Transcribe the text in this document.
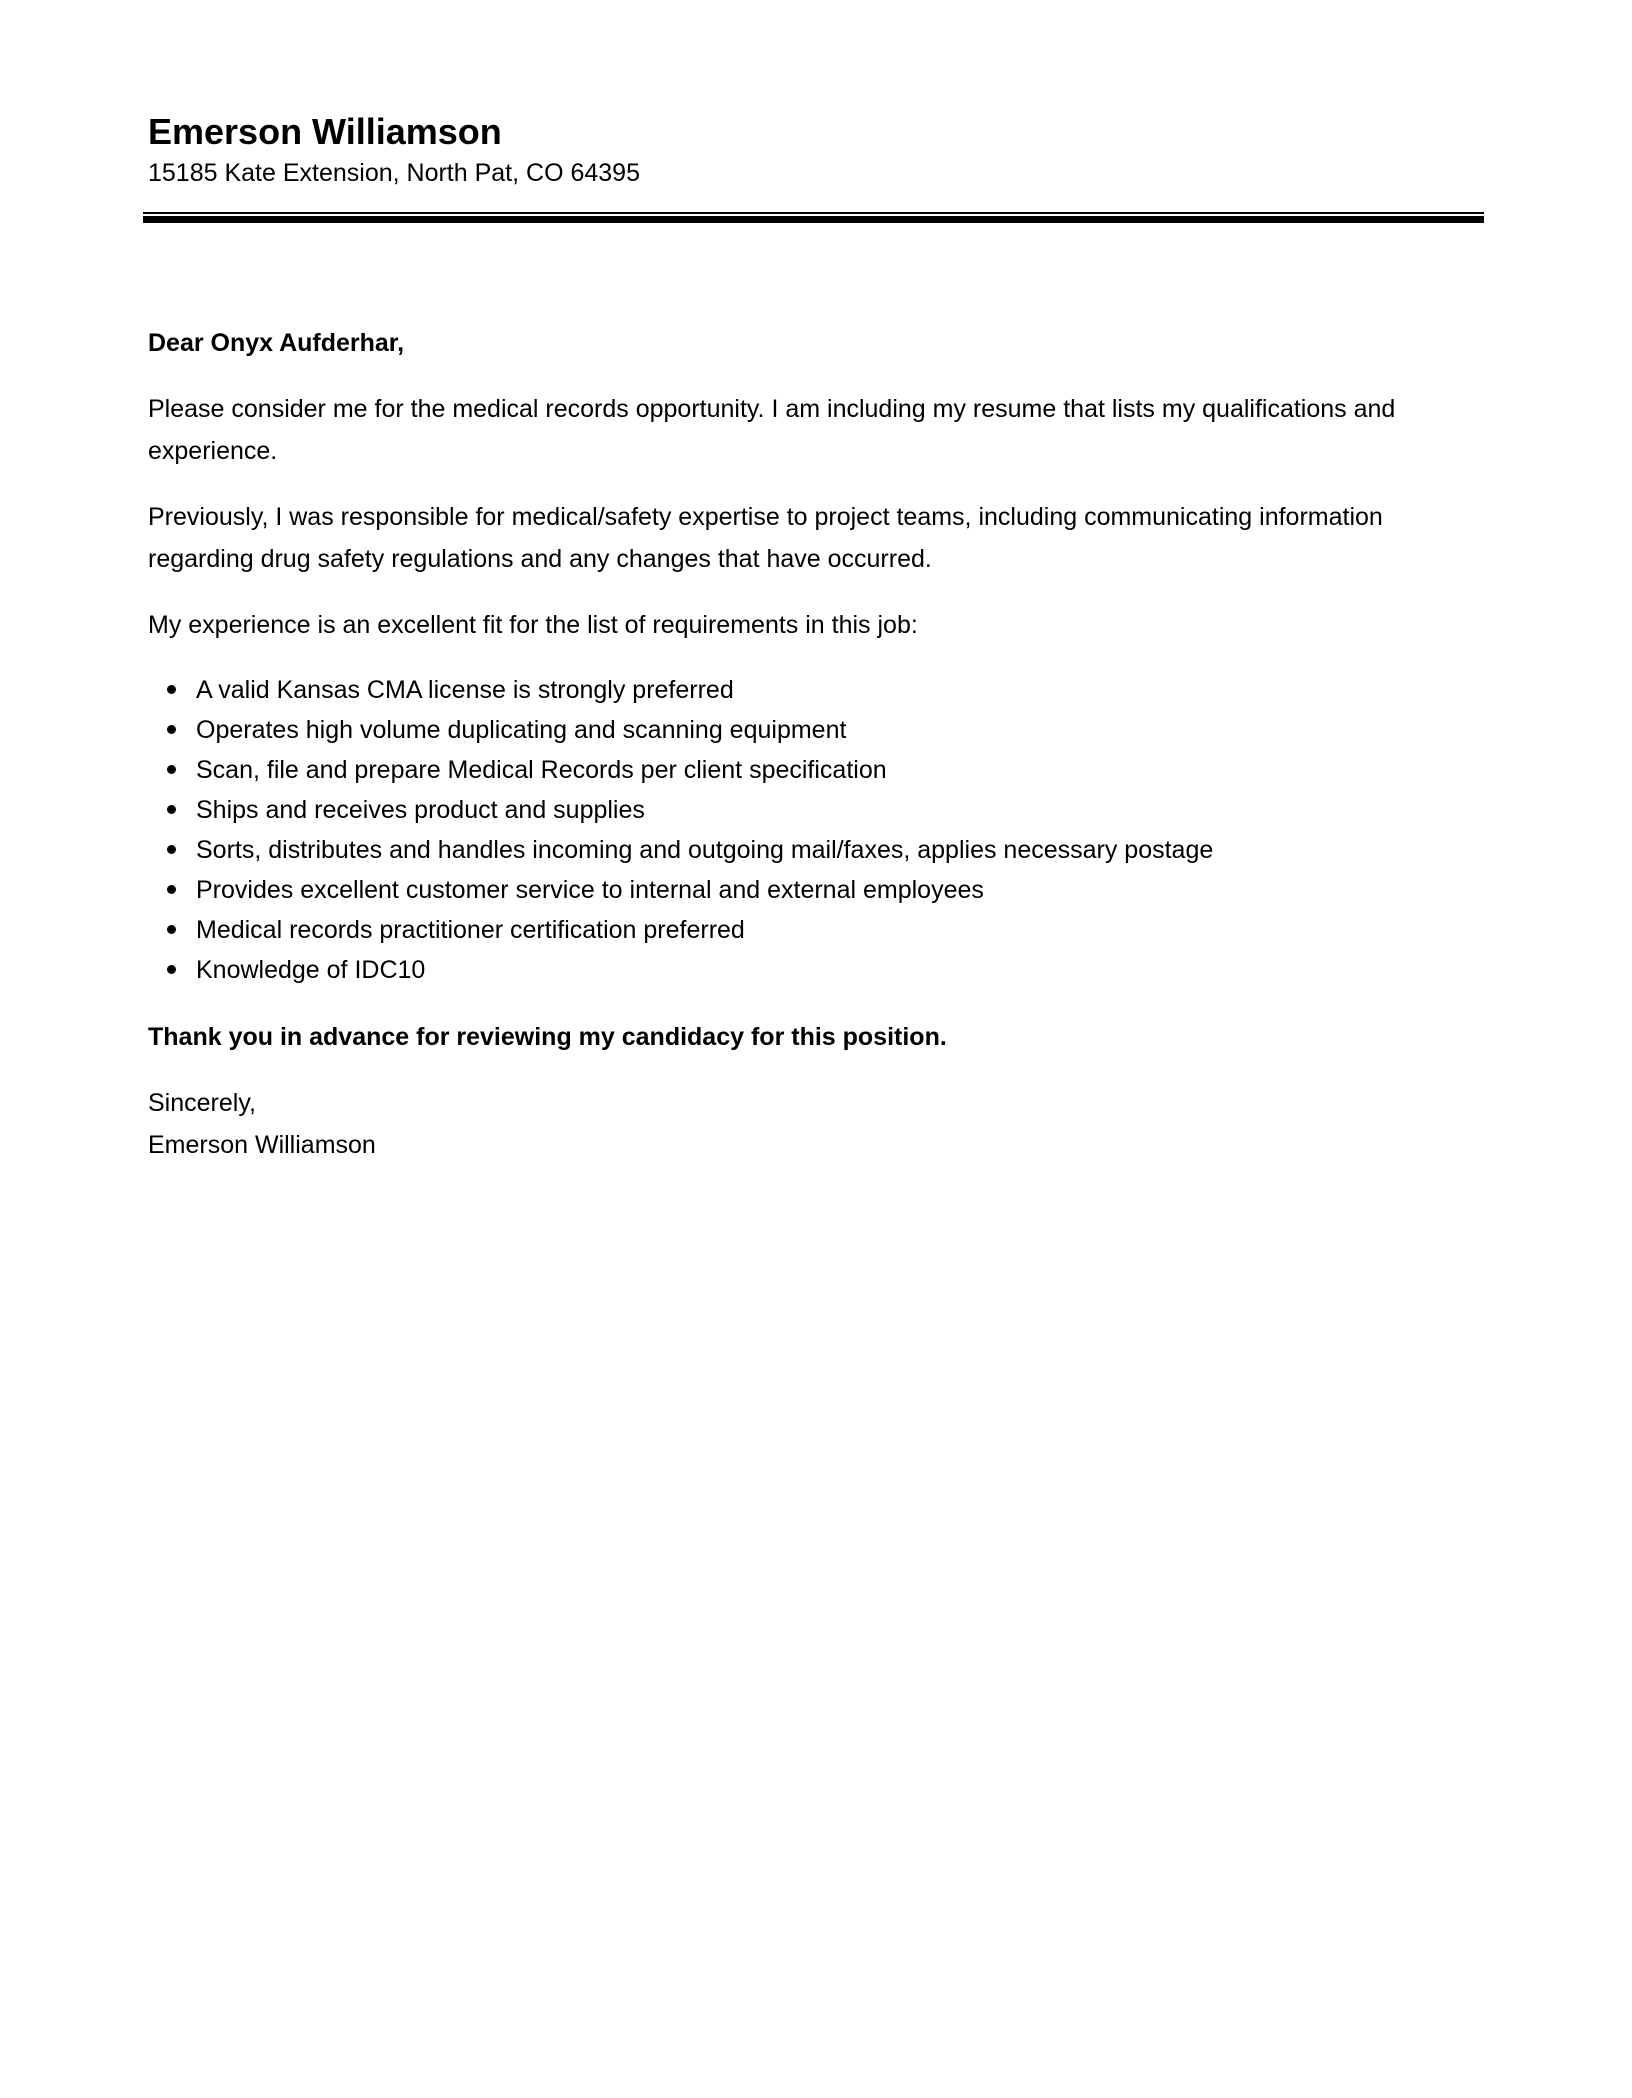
Emerson Williamson
15185 Kate Extension, North Pat, CO 64395

Dear Onyx Aufderhar,

Please consider me for the medical records opportunity. I am including my resume that lists my qualifications and experience.

Previously, I was responsible for medical/safety expertise to project teams, including communicating information regarding drug safety regulations and any changes that have occurred.

My experience is an excellent fit for the list of requirements in this job:

A valid Kansas CMA license is strongly preferred
Operates high volume duplicating and scanning equipment
Scan, file and prepare Medical Records per client specification
Ships and receives product and supplies
Sorts, distributes and handles incoming and outgoing mail/faxes, applies necessary postage
Provides excellent customer service to internal and external employees
Medical records practitioner certification preferred
Knowledge of IDC10

Thank you in advance for reviewing my candidacy for this position.

Sincerely,

Emerson Williamson
